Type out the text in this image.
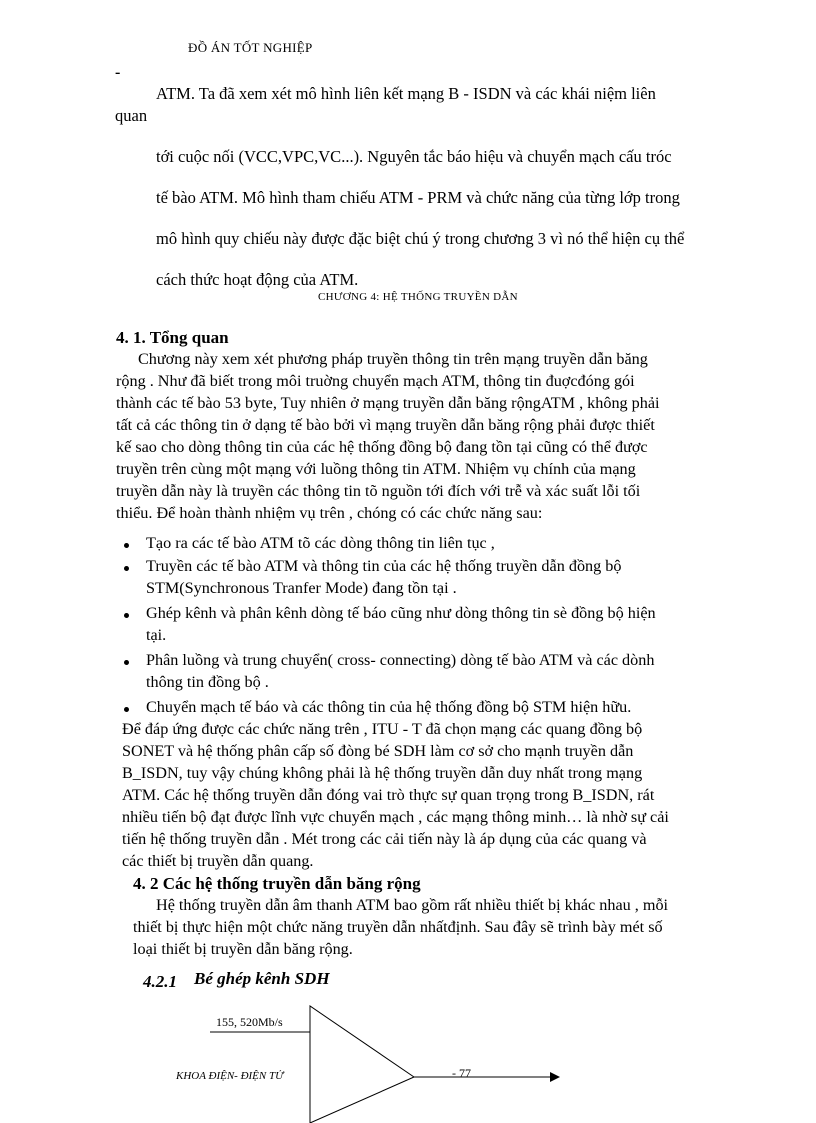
ĐỒ ÁN TỐT NGHIỆP
-
ATM. Ta đã xem xét mô hình liên kết mạng B - ISDN và các khái niệm liên
quan
tới cuộc nối (VCC,VPC,VC...). Nguyên tắc báo hiệu và chuyển mạch cấu tróc
tế bào ATM. Mô hình tham chiếu ATM - PRM và chức năng của từng lớp trong
mô hình quy chiếu này được đặc biệt chú ý trong chương 3 vì nó thể hiện cụ thể
cách thức hoạt động của ATM.
CHƯƠNG 4: HỆ THỐNG TRUYỀN DẪN
4. 1. Tổng quan
Chương này xem xét phương pháp truyền thông tin trên mạng truyền dẫn băng
rộng . Như đã biết trong môi truờng chuyển mạch ATM, thông tin đuợcđóng gói
thành các tế bào 53 byte, Tuy nhiên ở mạng truyền dẫn băng rộngATM , không phải
tất cả các thông tin ở dạng tế bào bởi vì mạng truyền dẫn băng rộng phải được thiết
kế sao cho dòng thông tin của các hệ thống đồng bộ đang tồn tại cũng có thể được
truyền trên cùng một mạng với luồng thông tin ATM. Nhiệm vụ chính của mạng
truyền dẫn này là truyền các thông tin tõ nguồn tới đích với trễ và xác suất lỗi tối
thiểu. Để hoàn thành nhiệm vụ trên , chóng có các chức năng sau:
Tạo ra các tế bào ATM tõ các dòng thông tin liên tục ,
Truyền các tế bào ATM và thông tin của các hệ thống truyền dẫn đồng bộ
STM(Synchronous Tranfer Mode) đang tồn tại .
Ghép kênh và phân kênh dòng tế báo cũng như dòng thông tin sè đồng bộ hiện
tại.
Phân luồng và trung chuyển( cross- connecting) dòng tế bào ATM và các dònh
thông tin đồng bộ .
Chuyển mạch tế báo và các thông tin của hệ thống đồng bộ STM hiện hữu.
Để đáp ứng được các chức năng trên , ITU - T đã chọn mạng các quang đồng bộ
SONET và hệ thống phân cấp số đòng bé SDH làm cơ sở cho mạnh truyền dẫn
B_ISDN, tuy vậy chúng không phải là hệ thống truyền dẫn duy nhất trong mạng
ATM. Các hệ thống truyền dẫn đóng vai trò thực sự quan trọng trong B_ISDN, rát
nhiều tiến bộ đạt được lĩnh vực chuyển mạch , các mạng thông minh… là nhờ sự cải
tiến hệ thống truyền dẫn . Mét trong các cải tiến này là áp dụng của các quang và
các thiết bị truyền dẫn quang.
4. 2 Các hệ thống truyền dẫn băng rộng
Hệ thống truyền dẫn âm thanh ATM bao gồm rất nhiều thiết bị khác nhau , mỗi
thiết bị thực hiện một chức năng truyền dẫn nhấtđịnh. Sau đây sẽ trình bày mét số
loại thiết bị truyền dẫn băng rộng.
4.2.1 Bé ghép kênh SDH
155, 520Mb/s
- 77
KHOA ĐIỆN- ĐIỆN TỬ
